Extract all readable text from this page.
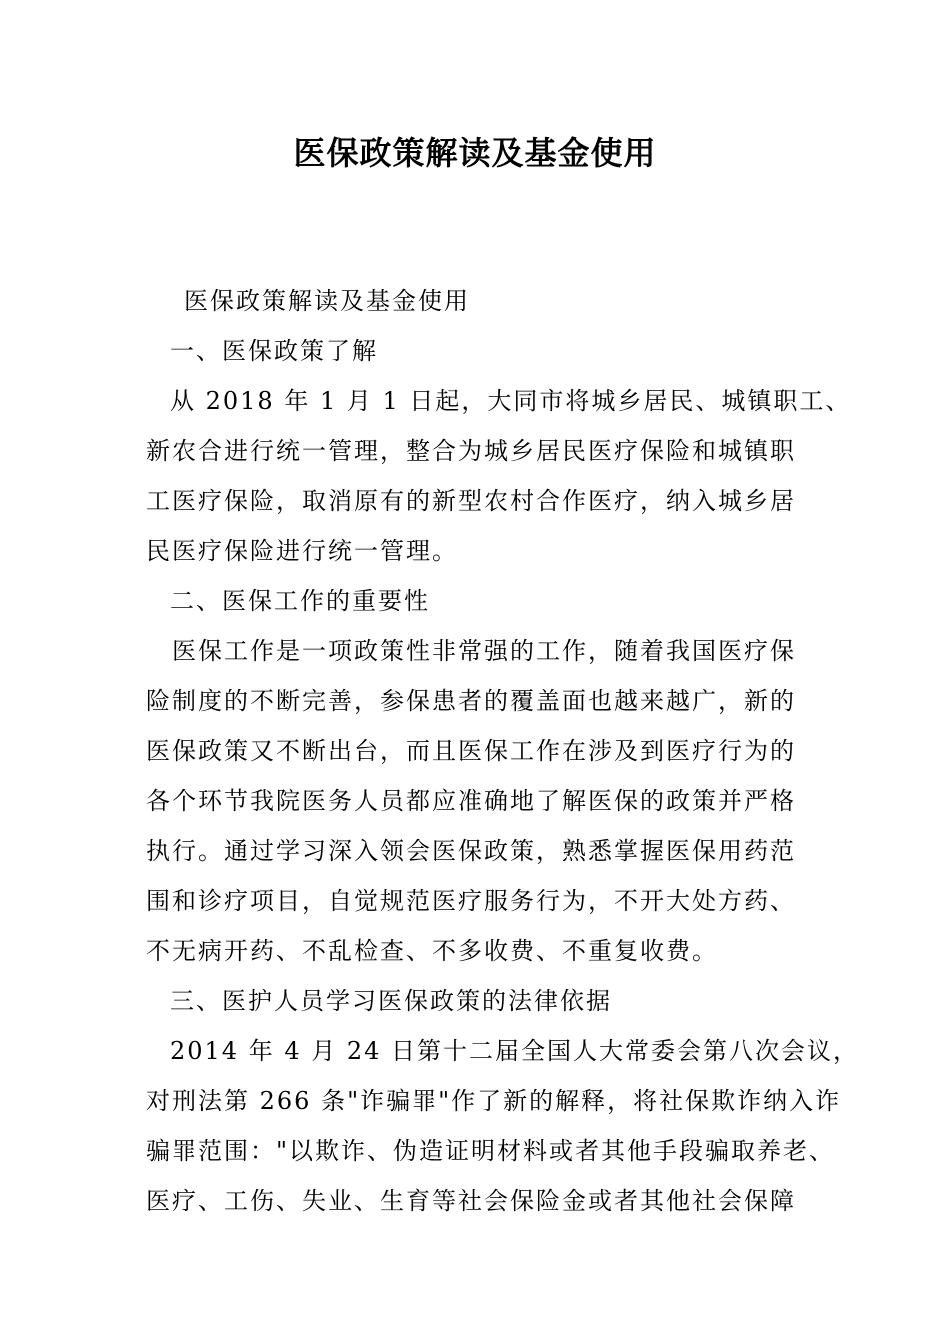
医保政策解读及基金使用

医保政策解读及基金使用

一、医保政策了解

从 2018 年 1 月 1 日起，大同市将城乡居民、城镇职工、

新农合进行统一管理，整合为城乡居民医疗保险和城镇职

工医疗保险，取消原有的新型农村合作医疗，纳入城乡居

民医疗保险进行统一管理。

二、医保工作的重要性

医保工作是一项政策性非常强的工作，随着我国医疗保

险制度的不断完善，参保患者的覆盖面也越来越广，新的

医保政策又不断出台，而且医保工作在涉及到医疗行为的

各个环节我院医务人员都应准确地了解医保的政策并严格

执行。通过学习深入领会医保政策，熟悉掌握医保用药范

围和诊疗项目，自觉规范医疗服务行为，不开大处方药、

不无病开药、不乱检查、不多收费、不重复收费。

三、医护人员学习医保政策的法律依据

2014 年 4 月 24 日第十二届全国人大常委会第八次会议，

对刑法第 266 条"诈骗罪"作了新的解释，将社保欺诈纳入诈

骗罪范围："以欺诈、伪造证明材料或者其他手段骗取养老、

医疗、工伤、失业、生育等社会保险金或者其他社会保障
